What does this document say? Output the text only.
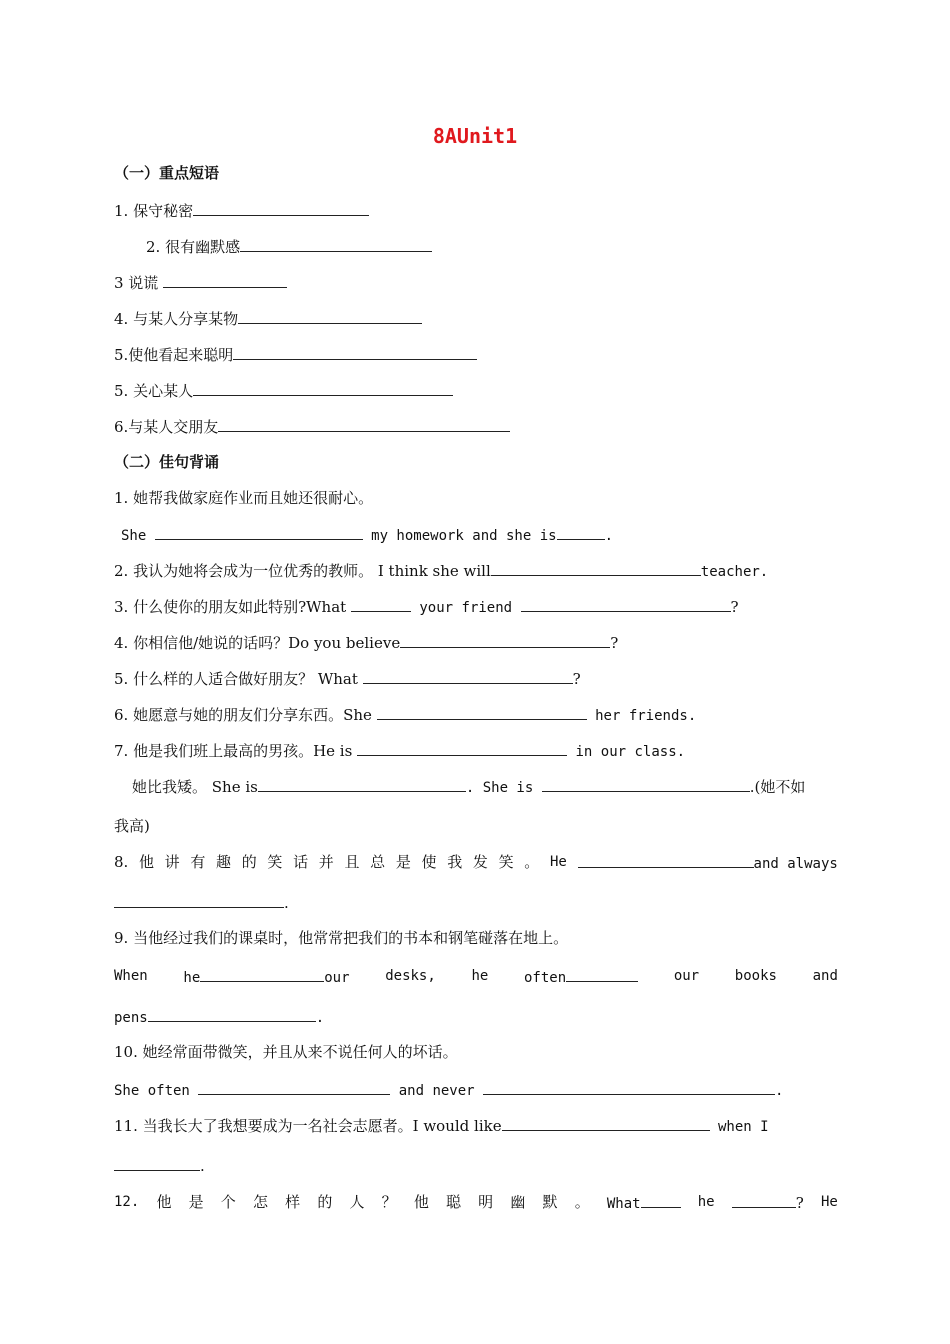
8AUnit1
（一）重点短语
1. 保守秘密
2. 很有幽默感
3 说谎
4. 与某人分享某物
5.使他看起来聪明
5. 关心某人
6.与某人交朋友
（二）佳句背诵
1. 她帮我做家庭作业而且她还很耐心。
She	my homework and she is	.
2. 我认为她将会成为一位优秀的教师。 I think she will	teacher.
3. 什么使你的朋友如此特别?What	your friend	?
4. 你相信他/她说的话吗？Do you believe	?
5. 什么样的人适合做好朋友？ What	?
6. 她愿意与她的朋友们分享东西。She	her friends.
7. 他是我们班上最高的男孩。He is	in our class.
她比我矮。 She is	. She is	.(她不如
我高)
8. 他 讲 有 趣 的 笑 话 并 且 总 是 使 我 发 笑 。 He	and always
.
9. 当他经过我们的课桌时，他常常把我们的书本和钢笔碰落在地上。
When	he	our	desks,	he	often	our	books	and
pens	.
10. 她经常面带微笑，并且从来不说任何人的坏话。
She often	and never	.
11. 当我长大了我想要成为一名社会志愿者。I would like	when I
.
12. 他 是 个 怎 样 的 人 ？ 他 聪 明 幽 默 。 What	he	? He
